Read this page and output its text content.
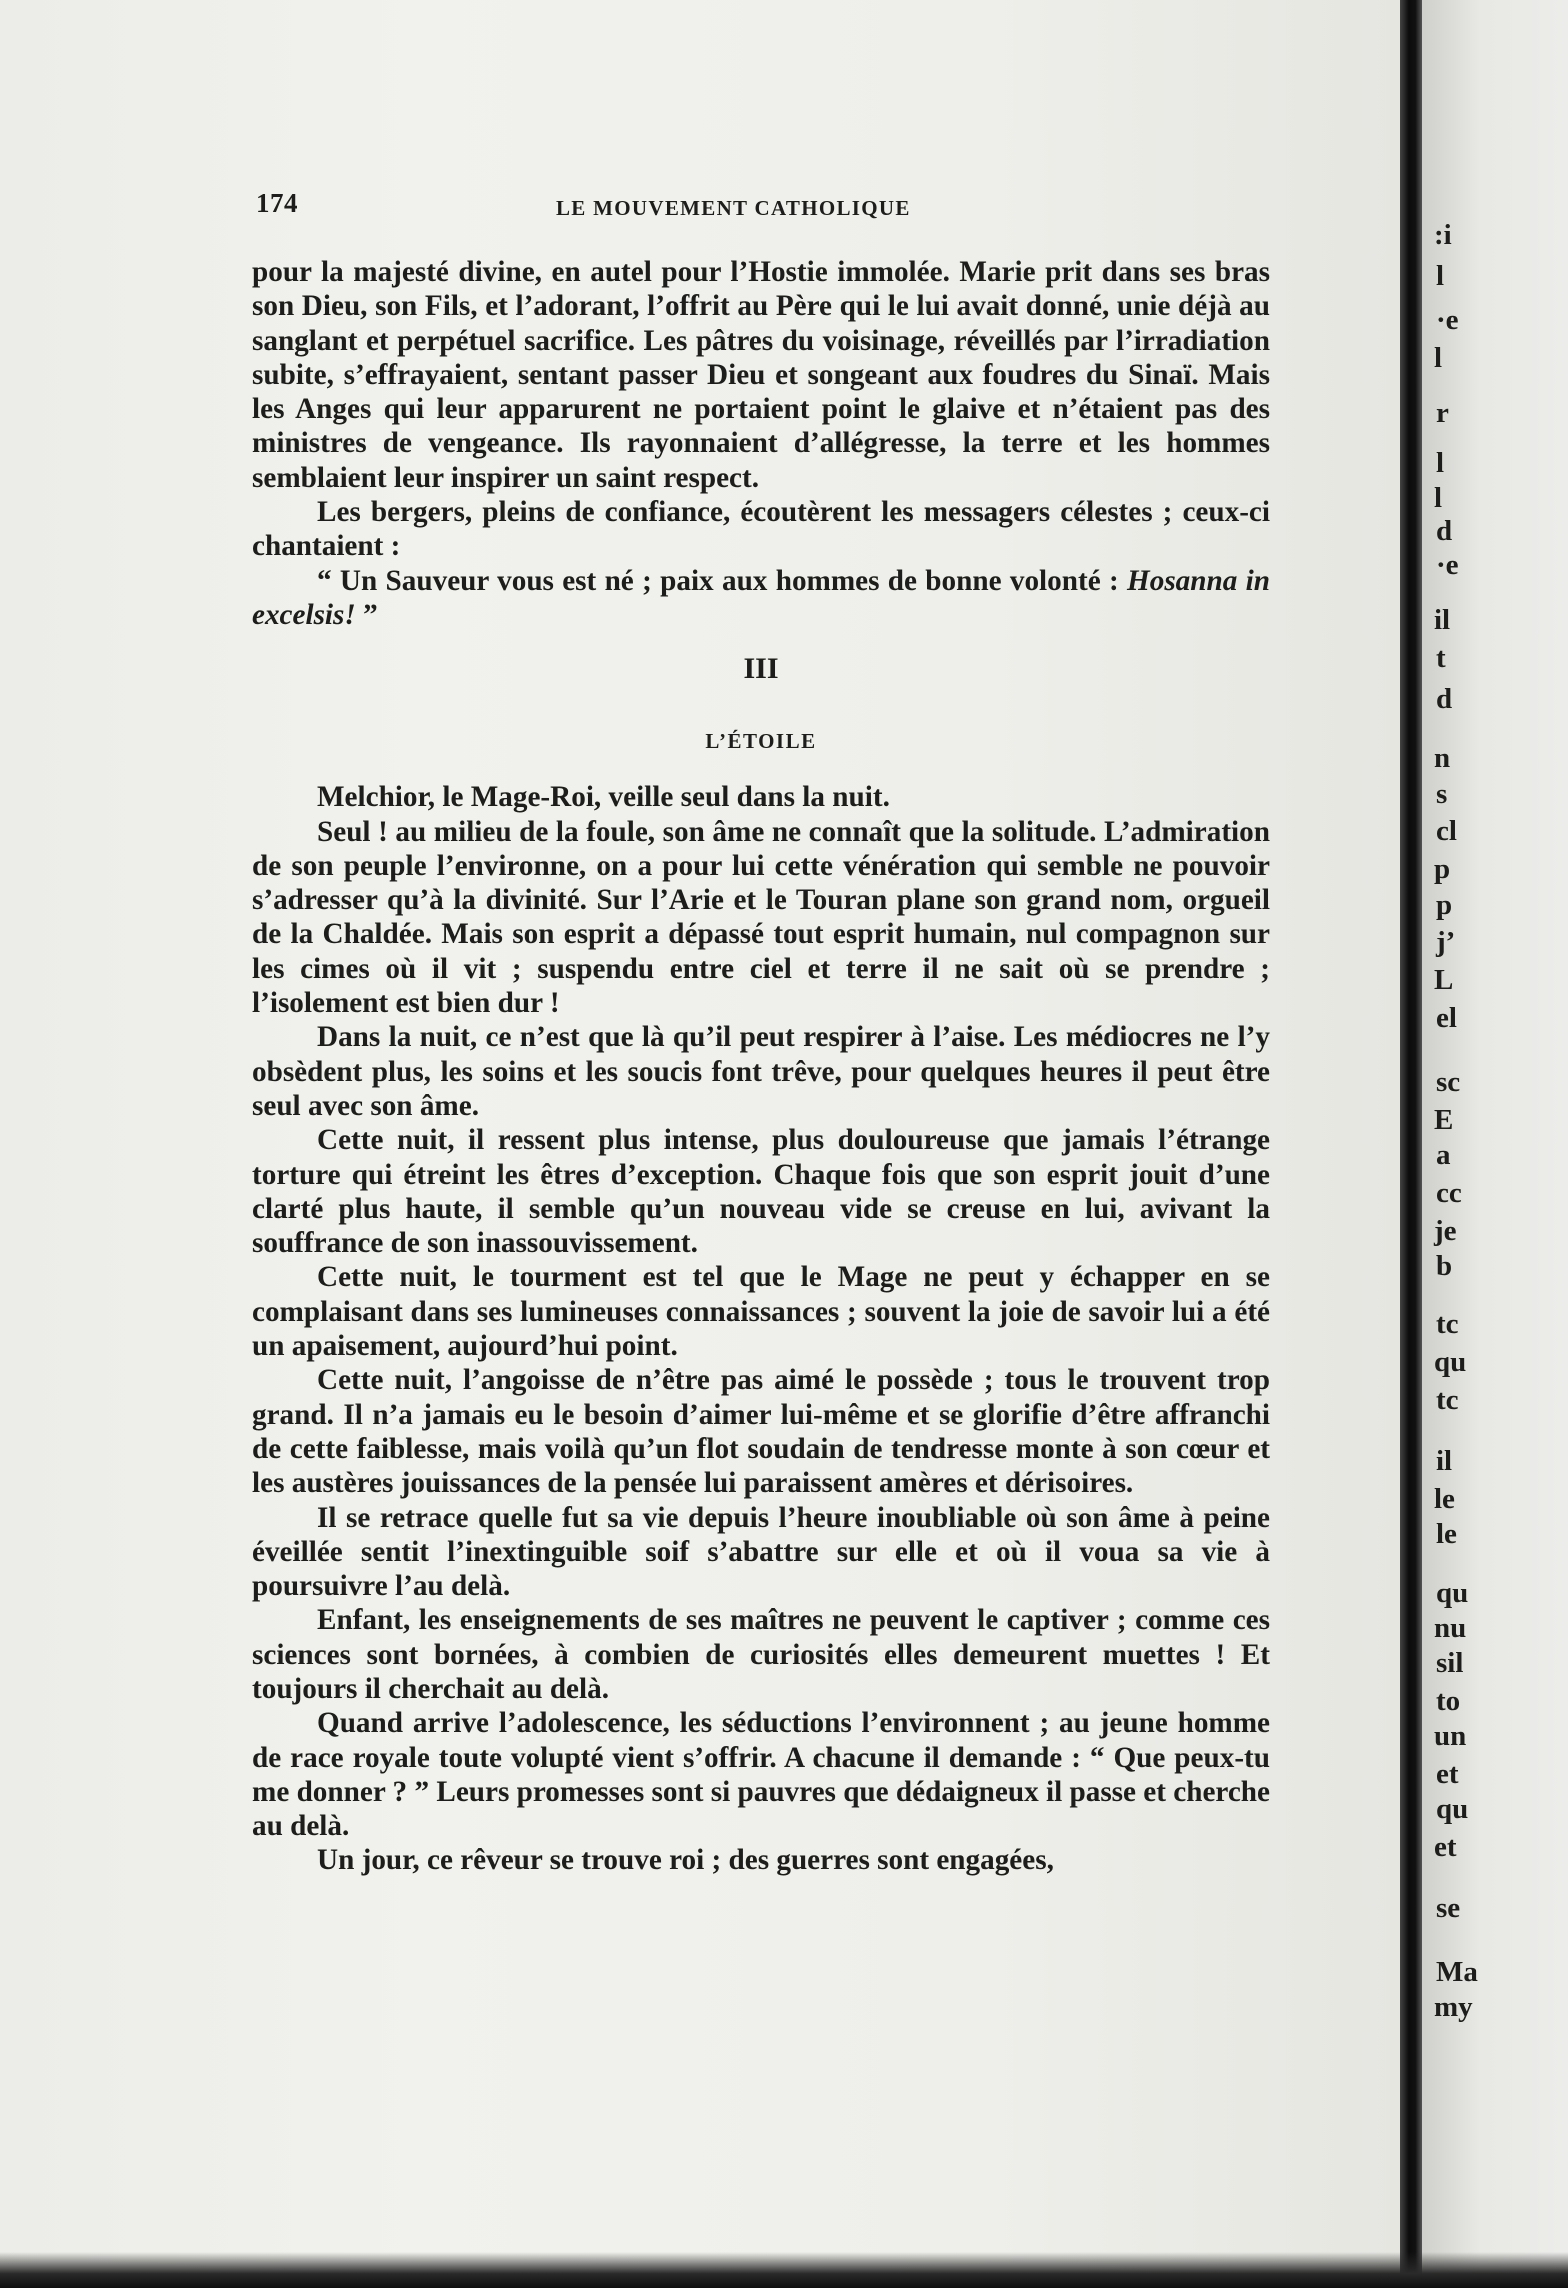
174	LE MOUVEMENT CATHOLIQUE

pour la majesté divine, en autel pour l’Hostie immolée. Marie prit dans ses bras son Dieu, son Fils, et l’adorant, l’offrit au Père qui le lui avait donné, unie déjà au sanglant et perpétuel sacrifice. Les pâtres du voisinage, réveillés par l’irradiation subite, s’effrayaient, sentant passer Dieu et songeant aux foudres du Sinaï. Mais les Anges qui leur apparurent ne portaient point le glaive et n’étaient pas des ministres de vengeance. Ils rayonnaient d’allégresse, la terre et les hommes semblaient leur inspirer un saint respect.

Les bergers, pleins de confiance, écoutèrent les messagers célestes ; ceux-ci chantaient :

“ Un Sauveur vous est né ; paix aux hommes de bonne volonté : Hosanna in excelsis! ”

III
L’ÉTOILE

Melchior, le Mage-Roi, veille seul dans la nuit.

Seul ! au milieu de la foule, son âme ne connaît que la solitude. L’admiration de son peuple l’environne, on a pour lui cette vénération qui semble ne pouvoir s’adresser qu’à la divinité. Sur l’Arie et le Touran plane son grand nom, orgueil de la Chaldée. Mais son esprit a dépassé tout esprit humain, nul compagnon sur les cimes où il vit ; suspendu entre ciel et terre il ne sait où se prendre ; l’isolement est bien dur !

Dans la nuit, ce n’est que là qu’il peut respirer à l’aise. Les médiocres ne l’y obsèdent plus, les soins et les soucis font trêve, pour quelques heures il peut être seul avec son âme.

Cette nuit, il ressent plus intense, plus douloureuse que jamais l’étrange torture qui étreint les êtres d’exception. Chaque fois que son esprit jouit d’une clarté plus haute, il semble qu’un nouveau vide se creuse en lui, avivant la souffrance de son inassouvissement.

Cette nuit, le tourment est tel que le Mage ne peut y échapper en se complaisant dans ses lumineuses connaissances ; souvent la joie de savoir lui a été un apaisement, aujourd’hui point.

Cette nuit, l’angoisse de n’être pas aimé le possède ; tous le trouvent trop grand. Il n’a jamais eu le besoin d’aimer lui-même et se glorifie d’être affranchi de cette faiblesse, mais voilà qu’un flot soudain de tendresse monte à son cœur et les austères jouissances de la pensée lui paraissent amères et dérisoires.

Il se retrace quelle fut sa vie depuis l’heure inoubliable où son âme à peine éveillée sentit l’inextinguible soif s’abattre sur elle et où il voua sa vie à poursuivre l’au delà.

Enfant, les enseignements de ses maîtres ne peuvent le captiver ; comme ces sciences sont bornées, à combien de curiosités elles demeurent muettes ! Et toujours il cherchait au delà.

Quand arrive l’adolescence, les séductions l’environnent ; au jeune homme de race royale toute volupté vient s’offrir. A chacune il demande : “ Que peux-tu me donner ? ” Leurs promesses sont si pauvres que dédaigneux il passe et cherche au delà.

Un jour, ce rêveur se trouve roi ; des guerres sont engagées,

:i
l
·e
l
r
l
l
d
·e
il
t
d
n
s
cl
p
p
j’
L
el
sc
E
a
cc
je
b
tc
qu
tc
il
le
le
qu
nu
sil
to
un
et
qu
et
se
Ma
my
